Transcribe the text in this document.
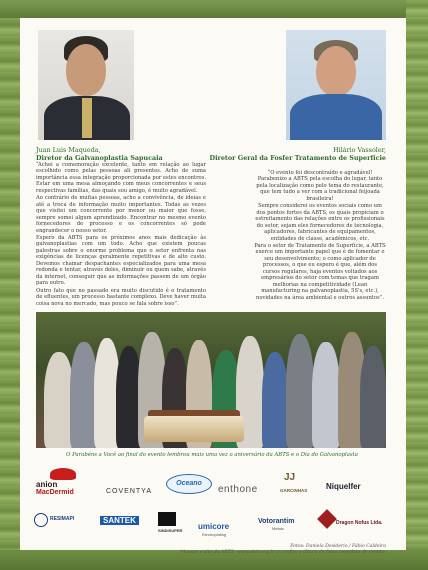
Juan Luis Maqueda,
Diretor da Galvanoplastia Sapucaia
Hilário Vassoler,
Diretor Geral da Fosfer Tratamento de Superfície

“Achei a comemoração excelente, tanto em relação ao lugar escolhido como pelas pessoas ali presentes. Acho de suma importância essa integração proporcionada por estes encontros. Estar em uma mesa almoçando com meus concorrentes e seus respectivas famílias, das quais sou amigo, é muito agradável.

Ao contrário de muitas pessoas, acho a convivência, de ideias e até a troca de informação muito importantes. Todas as vezes que visitei um concorrente por menor ou maior que fosse, sempre somei algum aprendizado. Encontrar no mesmo evento fornecedores de processo e os concorrentes só pode engrandecer o nosso setor.

Espero da ABTS para os próximos anos mais dedicação às galvanoplastias com um todo. Acho que existem poucas palestras sobre o enorme problema que o setor enfrenta nas exigências de licenças geralmente repetitivas e de alto custo. Devemos chamar despachantes especializados para uma mesa redonda e tentar, através deles, diminuir ou quem sabe, através da internet, conseguir que as informações passem de um órgão para outro.

Outro fato que no passado era muito discutido é o tratamento de efluentes, um processo bastante complexo. Deve haver muita coisa nova no mercado, mas pouco se fala sobre isso”.

“O evento foi descontraído e agradável! Parabenizo a ABTS pela escolha do lugar, tanto pela localização como pelo tema do restaurante, que tem tudo a ver com a tradicional feijoada brasileira!

Sempre considerei os eventos sociais como um dos pontos fortes da ABTS, os quais propiciam o estreitamento das relações entre os profissionais do setor, sejam eles fornecedores de tecnologia, aplicadores, fabricantes de equipamentos, entidades de classe, acadêmicos, etc.

Para o setor de Tratamento de Superfície, a ABTS exerce um importante papel que é de fomentar o seu desenvolvimento; o como aplicador de processos, o que eu espero é que, além dos cursos regulares, haja eventos voltados aos empresários do setor com temas que tragam melhorias na competitividade (Lean manufacturing na galvanoplastia, 5S's, etc.), novidades na área ambiental e outros assuntos”.

O Parabéns a Você ao final do evento lembrou mais uma vez o aniversário da ABTS e o Dia do Galvanoplasta
anion
MacDermid	COVENTYA
Oceano
enthone
JJ
GARCINHAS Niquelfer
RESIMAPI	SANTEK
SINDISUPER umicore
Electroplating
Votorantim
Metais
Dragon Nofus Ltda.
Fotos: Daniela Desiderio / Fábio Caldeira
*Acesse o site da ABTS: www.abts.org.br e confira o álbum de fotos completo do evento.
